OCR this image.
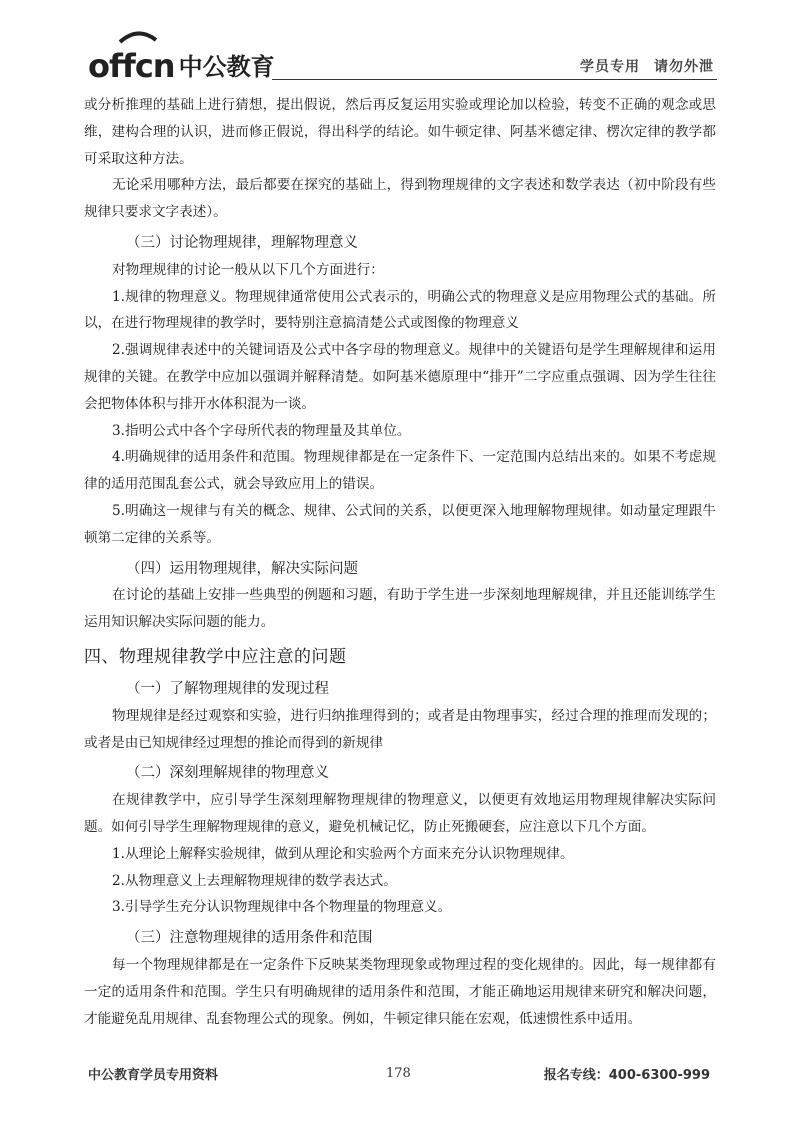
offcn 中公教育	学员专用 请勿外泄

或分析推理的基础上进行猜想，提出假说，然后再反复运用实验或理论加以检验，转变不正确的观念或思维，建构合理的认识，进而修正假说，得出科学的结论。如牛顿定律、阿基米德定律、楞次定律的教学都可采取这种方法。

无论采用哪种方法，最后都要在探究的基础上，得到物理规律的文字表述和数学表达（初中阶段有些规律只要求文字表述）。

（三）讨论物理规律，理解物理意义

对物理规律的讨论一般从以下几个方面进行：

1.规律的物理意义。物理规律通常使用公式表示的，明确公式的物理意义是应用物理公式的基础。所以，在进行物理规律的教学时，要特别注意搞清楚公式或图像的物理意义

2.强调规律表述中的关键词语及公式中各字母的物理意义。规律中的关键语句是学生理解规律和运用规律的关键。在教学中应加以强调并解释清楚。如阿基米德原理中“排开”二字应重点强调、因为学生往往会把物体体积与排开水体积混为一谈。

3.指明公式中各个字母所代表的物理量及其单位。

4.明确规律的适用条件和范围。物理规律都是在一定条件下、一定范围内总结出来的。如果不考虑规律的适用范围乱套公式，就会导致应用上的错误。

5.明确这一规律与有关的概念、规律、公式间的关系，以便更深入地理解物理规律。如动量定理跟牛顿第二定律的关系等。

（四）运用物理规律，解决实际问题

在讨论的基础上安排一些典型的例题和习题，有助于学生进一步深刻地理解规律，并且还能训练学生运用知识解决实际问题的能力。

四、物理规律教学中应注意的问题
（一）了解物理规律的发现过程

物理规律是经过观察和实验，进行归纳推理得到的；或者是由物理事实，经过合理的推理而发现的；或者是由已知规律经过理想的推论而得到的新规律

（二）深刻理解规律的物理意义

在规律教学中，应引导学生深刻理解物理规律的物理意义，以便更有效地运用物理规律解决实际问题。如何引导学生理解物理规律的意义，避免机械记忆，防止死搬硬套，应注意以下几个方面。

1.从理论上解释实验规律，做到从理论和实验两个方面来充分认识物理规律。

2.从物理意义上去理解物理规律的数学表达式。

3.引导学生充分认识物理规律中各个物理量的物理意义。

（三）注意物理规律的适用条件和范围

每一个物理规律都是在一定条件下反映某类物理现象或物理过程的变化规律的。因此，每一规律都有一定的适用条件和范围。学生只有明确规律的适用条件和范围，才能正确地运用规律来研究和解决问题，才能避免乱用规律、乱套物理公式的现象。例如，牛顿定律只能在宏观，低速惯性系中适用。

中公教育学员专用资料	178	报名专线：400-6300-999
